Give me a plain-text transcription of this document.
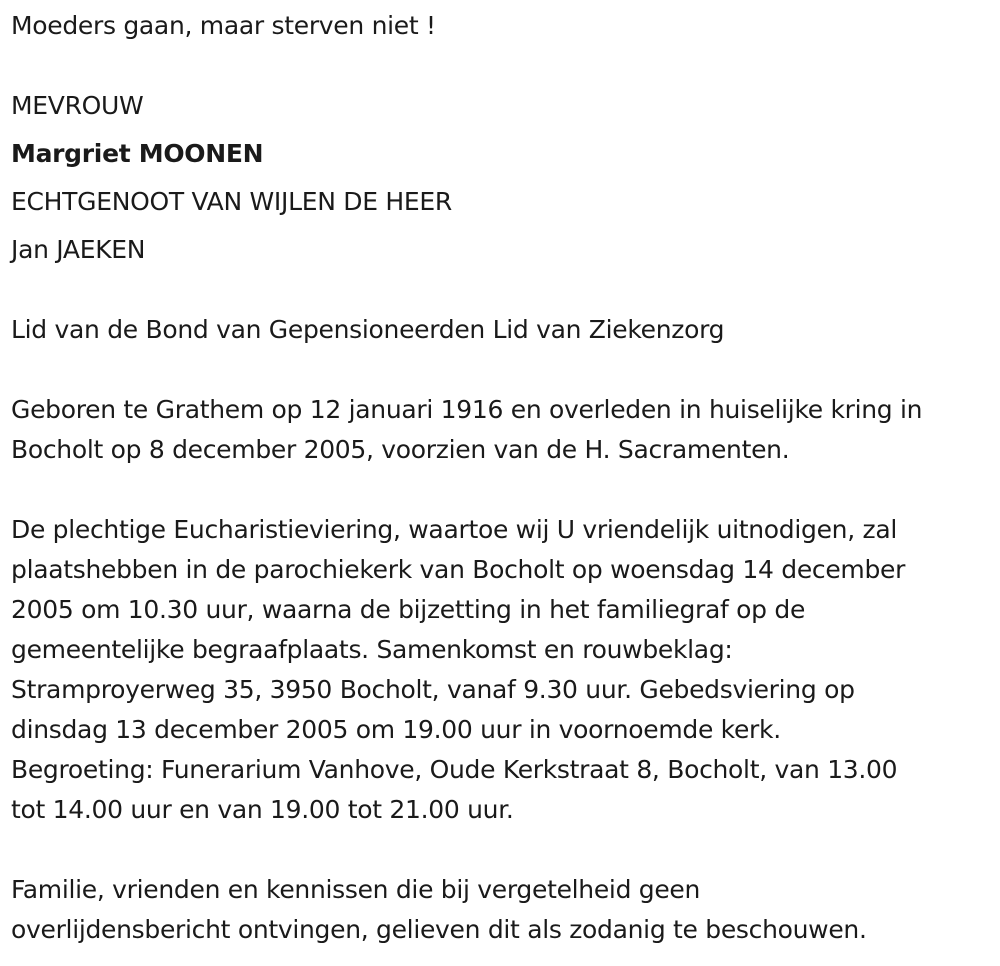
Moeders gaan, maar sterven niet !
MEVROUW
Margriet MOONEN
ECHTGENOOT VAN WIJLEN DE HEER
Jan JAEKEN
Lid van de Bond van Gepensioneerden Lid van Ziekenzorg
Geboren te Grathem op 12 januari 1916 en overleden in huiselijke kring in
Bocholt op 8 december 2005, voorzien van de H. Sacramenten.
De plechtige Eucharistieviering, waartoe wij U vriendelijk uitnodigen, zal
plaatshebben in de parochiekerk van Bocholt op woensdag 14 december
2005 om 10.30 uur, waarna de bijzetting in het familiegraf op de
gemeentelijke begraafplaats. Samenkomst en rouwbeklag:
Stramproyerweg 35, 3950 Bocholt, vanaf 9.30 uur. Gebedsviering op
dinsdag 13 december 2005 om 19.00 uur in voornoemde kerk.
Begroeting: Funerarium Vanhove, Oude Kerkstraat 8, Bocholt, van 13.00
tot 14.00 uur en van 19.00 tot 21.00 uur.
Familie, vrienden en kennissen die bij vergetelheid geen
overlijdensbericht ontvingen, gelieven dit als zodanig te beschouwen.
